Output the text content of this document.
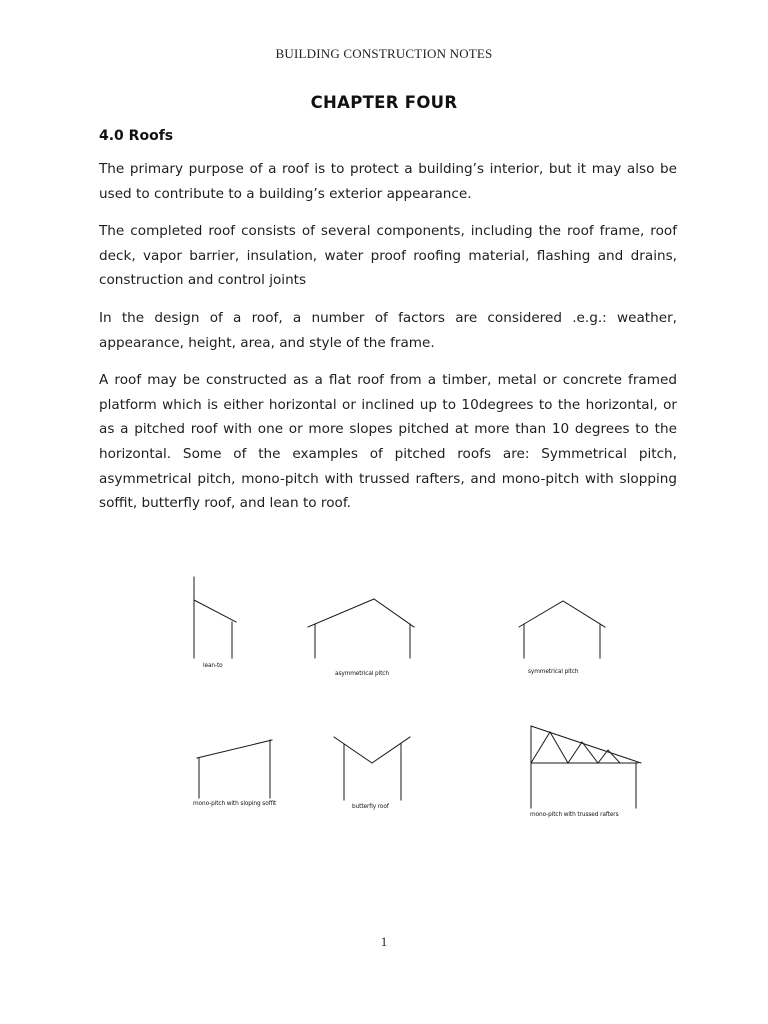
BUILDING CONSTRUCTION NOTES
CHAPTER FOUR
4.0 Roofs

The primary purpose of a roof is to protect a building’s interior, but it may also be used to contribute to a building’s exterior appearance.

The completed roof consists of several components, including the roof frame, roof deck, vapor barrier, insulation, water proof roofing material, flashing and drains, construction and control joints

In the design of a roof, a number of factors are considered .e.g.: weather, appearance, height, area, and style of the frame.

A roof may be constructed as a flat roof from a timber, metal or concrete framed platform which is either horizontal or inclined up to 10degrees to the horizontal, or as a pitched roof with one or more slopes pitched at more than 10 degrees to the horizontal. Some of the examples of pitched roofs are: Symmetrical pitch, asymmetrical pitch, mono-pitch with trussed rafters, and mono-pitch with slopping soffit, butterfly roof, and lean to roof.

lean-to
asymmetrical pitch	symmetrical pitch
mono-pitch with sloping soffit	butterfly roof
mono-pitch with trussed rafters
1
